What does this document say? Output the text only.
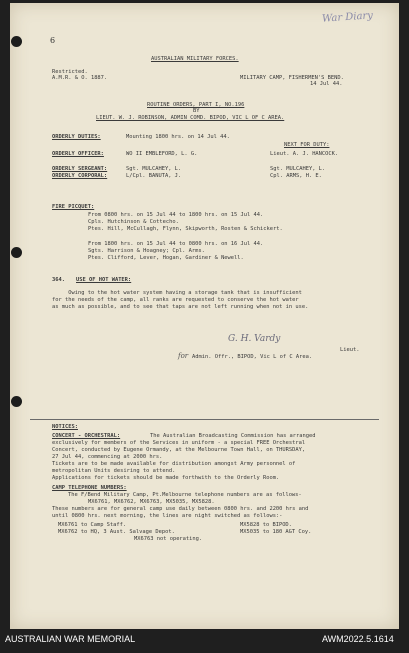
War Diary
6
AUSTRALIAN MILITARY FORCES.
Restricted.
MILITARY CAMP, FISHERMEN'S BEND.
A.M.R. & O. 1887.
14 Jul 44.
ROUTINE ORDERS, PART I, NO.196
BY
LIEUT. W. J. ROBINSON, ADMIN COMD. BIPOD, VIC L OF C AREA.
ORDERLY DUTIES:	Mounting 1800 hrs. on 14 Jul 44.
NEXT FOR DUTY:
ORDERLY OFFICER:	WO II EMBLEFORD, L. G.	Lieut. A. J. HANCOCK.
ORDERLY SERGEANT:	Sgt. MULCAHEY, L.	Sgt. MULCAHEY, L.
ORDERLY CORPORAL:	L/Cpl. BANUTA, J.	Cpl. ARMS, H. E.
FIRE PICQUET:
From 0800 hrs. on 15 Jul 44 to 1800 hrs. on 15 Jul 44.
Cpls. Hutchinson & Cottecho.
Ptes. Hill, McCullagh, Flynn, Skipworth, Rosten & Schickert.
From 1800 hrs. on 15 Jul 44 to 0800 hrs. on 16 Jul 44.
Sgts. Harrison & Hoagney; Cpl. Arms.
Ptes. Clifford, Lever, Hogan, Gardiner & Newell.
364. USE OF HOT WATER:
Owing to the hot water system having a storage tank that is insufficient
for the needs of the camp, all ranks are requested to conserve the hot water
as much as possible, and to see that taps are not left running when not in use.
G. H. Vardy
Lieut.
for Admin. Offr., BIPOD, Vic L of C Area.
NOTICES:
CONCERT - ORCHESTRAL:	The Australian Broadcasting Commission has arranged
exclusively for members of the Services in uniform - a special FREE Orchestral
Concert, conducted by Eugene Ormandy, at the Melbourne Town Hall, on THURSDAY,
27 Jul 44, commencing at 2000 hrs.
Tickets are to be made available for distribution amongst Army personnel of
metropolitan Units desiring to attend.
Applications for tickets should be made forthwith to the Orderly Room.
CAMP TELEPHONE NUMBERS:
The F/Bend Military Camp, Pt.Melbourne telephone numbers are as follows-
MX6761, MX6762, MX6763, MX5035, MX5828.
These numbers are for general camp use daily between 0800 hrs. and 2200 hrs and
until 0800 hrs. next morning, the lines are night switched as follows:-
MX6761 to Camp Staff.	MX5828 to BIPOD.
MX6762 to HQ, 3 Aust. Salvage Depot.	MX5035 to 180 AGT Coy.
MX6763 not operating.
AUSTRALIAN WAR MEMORIAL	AWM2022.5.1614
